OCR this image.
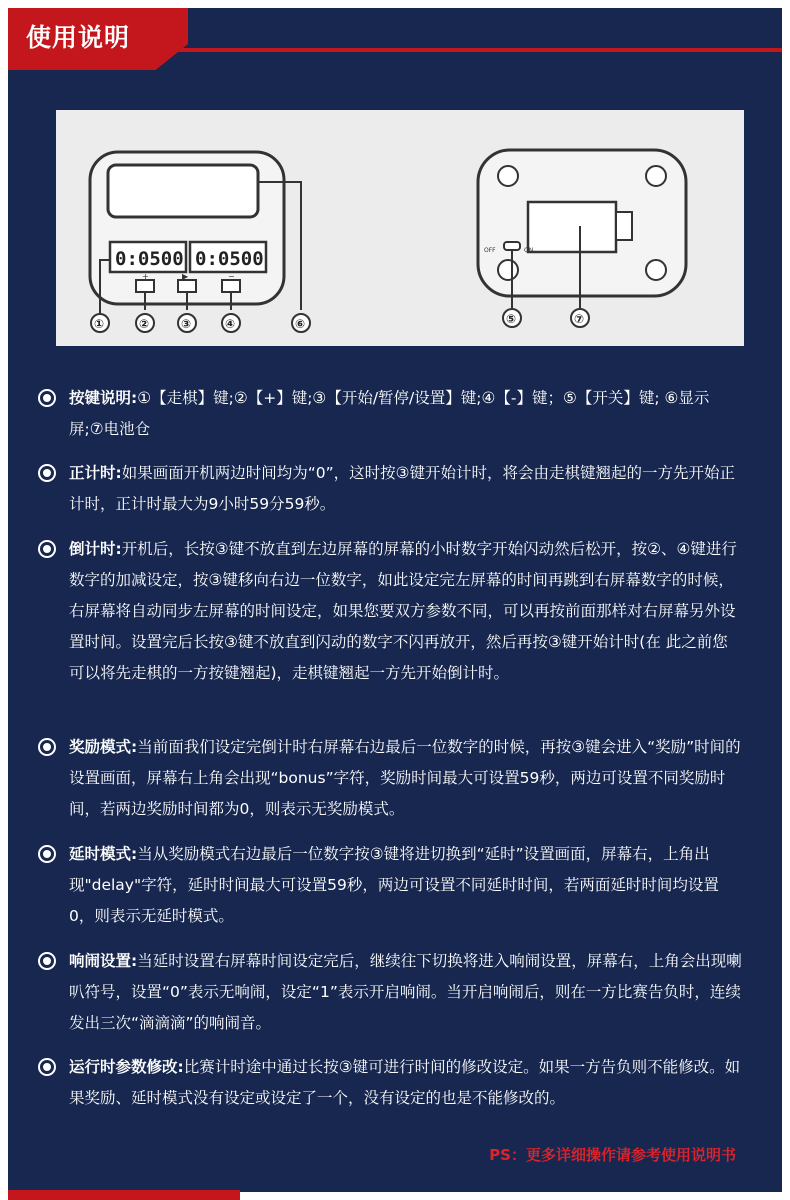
使用说明
0:0500 0:0500
+	▶	−
①	②	③	④	⑥
OFF	ON
⑤	⑦
按键说明:①【走棋】键;②【+】键;③【开始/暂停/设置】键;④【-】键；⑤【开关】键; ⑥显示屏;⑦电池仓
正计时:如果画面开机两边时间均为“0”，这时按③键开始计时，将会由走棋键翘起的一方先开始正计时，正计时最大为9小时59分59秒。
倒计时:开机后，长按③键不放直到左边屏幕的屏幕的小时数字开始闪动然后松开，按②、④键进行数字的加减设定，按③键移向右边一位数字，如此设定完左屏幕的时间再跳到右屏幕数字的时候，右屏幕将自动同步左屏幕的时间设定，如果您要双方参数不同，可以再按前面那样对右屏幕另外设置时间。设置完后长按③键不放直到闪动的数字不闪再放开，然后再按③键开始计时(在 此之前您可以将先走棋的一方按键翘起)，走棋键翘起一方先开始倒计时。
奖励模式:当前面我们设定完倒计时右屏幕右边最后一位数字的时候，再按③键会进入“奖励”时间的设置画面，屏幕右上角会出现“bonus”字符，奖励时间最大可设置59秒，两边可设置不同奖励时间，若两边奖励时间都为0，则表示无奖励模式。
延时模式:当从奖励模式右边最后一位数字按③键将进切换到“延时”设置画面，屏幕右，上角出现"delay"字符，延时时间最大可设置59秒，两边可设置不同延时时间，若两面延时时间均设置0，则表示无延时模式。
响闹设置:当延时设置右屏幕时间设定完后，继续往下切换将进入响闹设置，屏幕右，上角会出现喇叭符号，设置“0”表示无响闹，设定“1”表示开启响闹。当开启响闹后，则在一方比赛告负时，连续发出三次“滴滴滴”的响闹音。
运行时参数修改:比赛计时途中通过长按③键可进行时间的修改设定。如果一方告负则不能修改。如果奖励、延时模式没有设定或设定了一个，没有设定的也是不能修改的。
PS：更多详细操作请参考使用说明书
